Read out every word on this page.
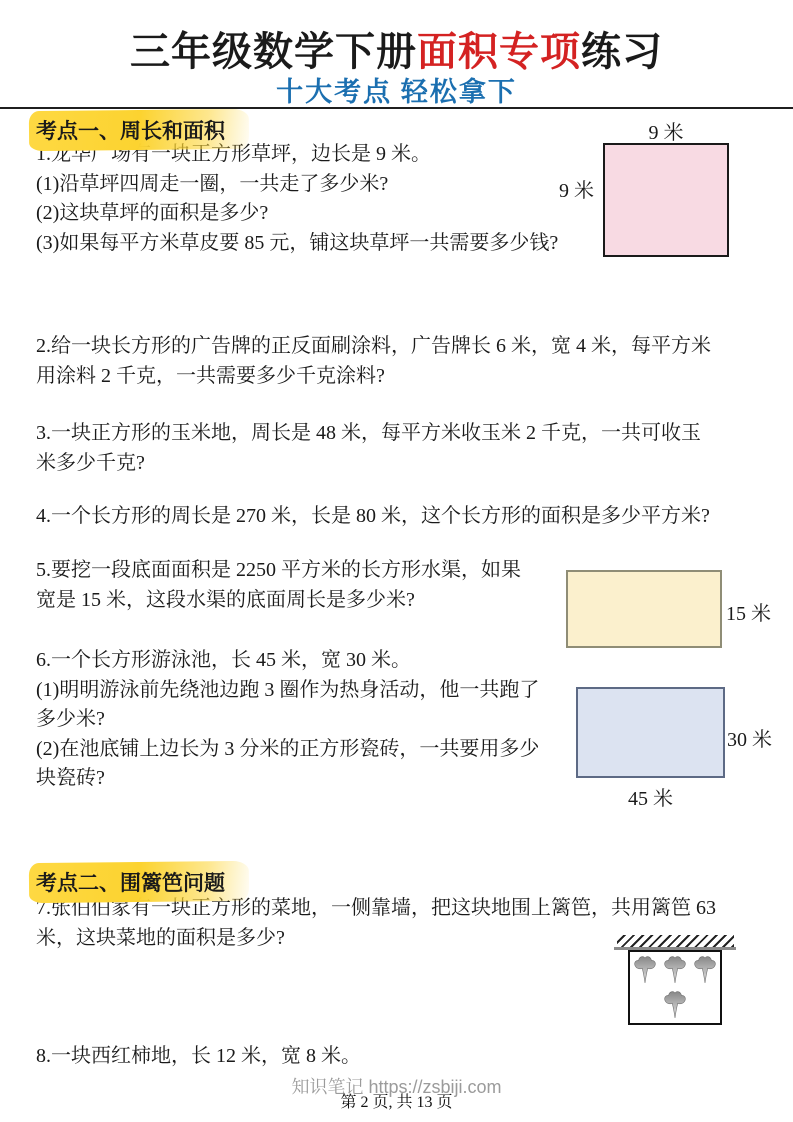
三年级数学下册面积专项练习
十大考点 轻松拿下
考点一、周长和面积
1.龙华广场有一块正方形草坪，边长是 9 米。
(1)沿草坪四周走一圈，一共走了多少米?
(2)这块草坪的面积是多少?
(3)如果每平方米草皮要 85 元，铺这块草坪一共需要多少钱?
9 米
9 米
2.给一块长方形的广告牌的正反面刷涂料，广告牌长 6 米，宽 4 米，每平方米
用涂料 2 千克，一共需要多少千克涂料?
3.一块正方形的玉米地，周长是 48 米，每平方米收玉米 2 千克，一共可收玉
米多少千克?
4.一个长方形的周长是 270 米，长是 80 米，这个长方形的面积是多少平方米?
5.要挖一段底面面积是 2250 平方米的长方形水渠，如果
宽是 15 米，这段水渠的底面周长是多少米?
15 米
6.一个长方形游泳池，长 45 米，宽 30 米。
(1)明明游泳前先绕池边跑 3 圈作为热身活动，他一共跑了
多少米?
(2)在池底铺上边长为 3 分米的正方形瓷砖，一共要用多少
块瓷砖?
30 米
45 米
考点二、围篱笆问题
7.张伯伯家有一块正方形的菜地，一侧靠墙，把这块地围上篱笆，共用篱笆 63
米，这块菜地的面积是多少?
8.一块西红柿地，长 12 米，宽 8 米。
知识笔记 https://zsbiji.com
第 2 页, 共 13 页
